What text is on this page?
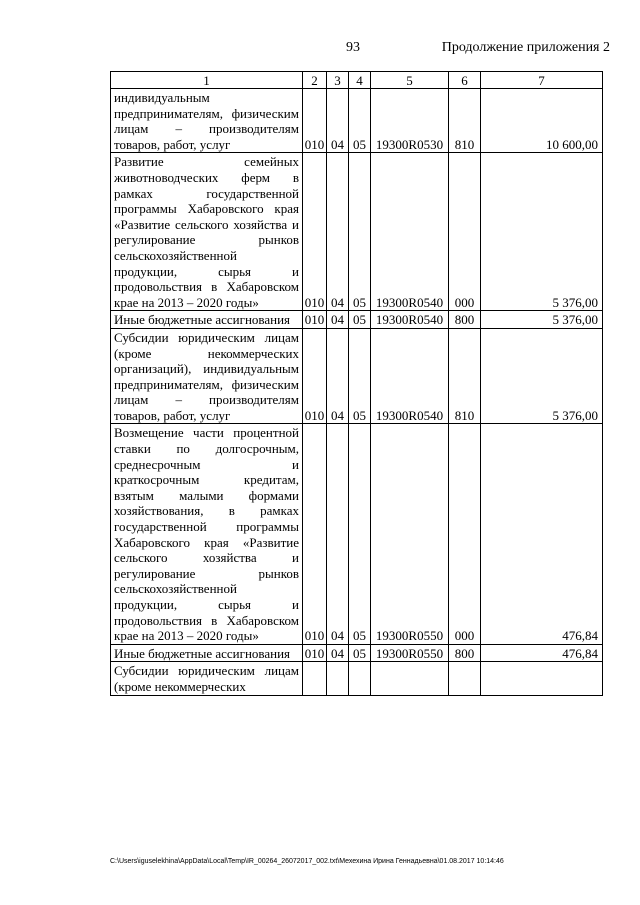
93	Продолжение приложения 2
1	2	3	4	5	6	7
индивидуальным предпринимателям, физическим лицам – производителям товаров, работ, услуг	010	04	05	19300R0530	810	10 600,00
Развитие семейных животноводческих ферм в рамках государственной программы Хабаровского края «Развитие сельского хозяйства и регулирование рынков сельскохозяйственной продукции, сырья и продовольствия в Хабаровском крае на 2013 – 2020 годы»	010	04	05	19300R0540	000	5 376,00
Иные бюджетные ассигнования	010	04	05	19300R0540	800	5 376,00
Субсидии юридическим лицам (кроме некоммерческих организаций), индивидуальным предпринимателям, физическим лицам – производителям товаров, работ, услуг	010	04	05	19300R0540	810	5 376,00
Возмещение части процентной ставки по долгосрочным, среднесрочным и краткосрочным кредитам, взятым малыми формами хозяйствования, в рамках государственной программы Хабаровского края «Развитие сельского хозяйства и регулирование рынков сельскохозяйственной продукции, сырья и продовольствия в Хабаровском крае на 2013 – 2020 годы»	010	04	05	19300R0550	000	476,84
Иные бюджетные ассигнования	010	04	05	19300R0550	800	476,84
Субсидии юридическим лицам (кроме некоммерческих						
C:\Users\iguselekhina\AppData\Local\Temp\IR_00264_26072017_002.txt\Мехехина Ирина Геннадьевна\01.08.2017 10:14:46
